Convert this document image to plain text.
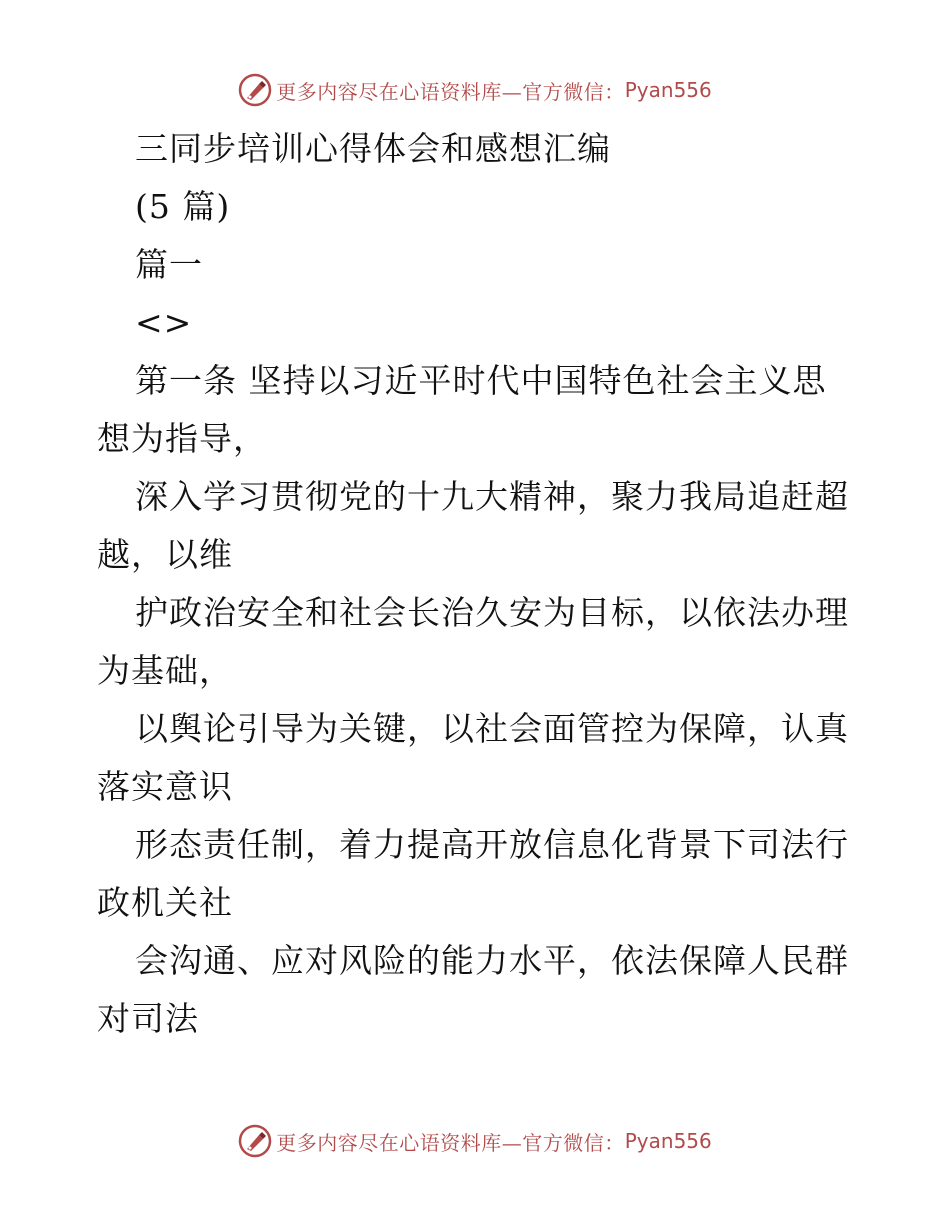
更多内容尽在心语资料库—官方微信： Pyan556
三同步培训心得体会和感想汇编
(5 篇)
篇一
<>
第一条 坚持以习近平时代中国特色社会主义思
想为指导，
深入学习贯彻党的十九大精神，聚力我局追赶超
越，以维
护政治安全和社会长治久安为目标，以依法办理
为基础，
以舆论引导为关键，以社会面管控为保障，认真
落实意识
形态责任制，着力提高开放信息化背景下司法行
政机关社
会沟通、应对风险的能力水平，依法保障人民群
对司法
更多内容尽在心语资料库—官方微信： Pyan556
